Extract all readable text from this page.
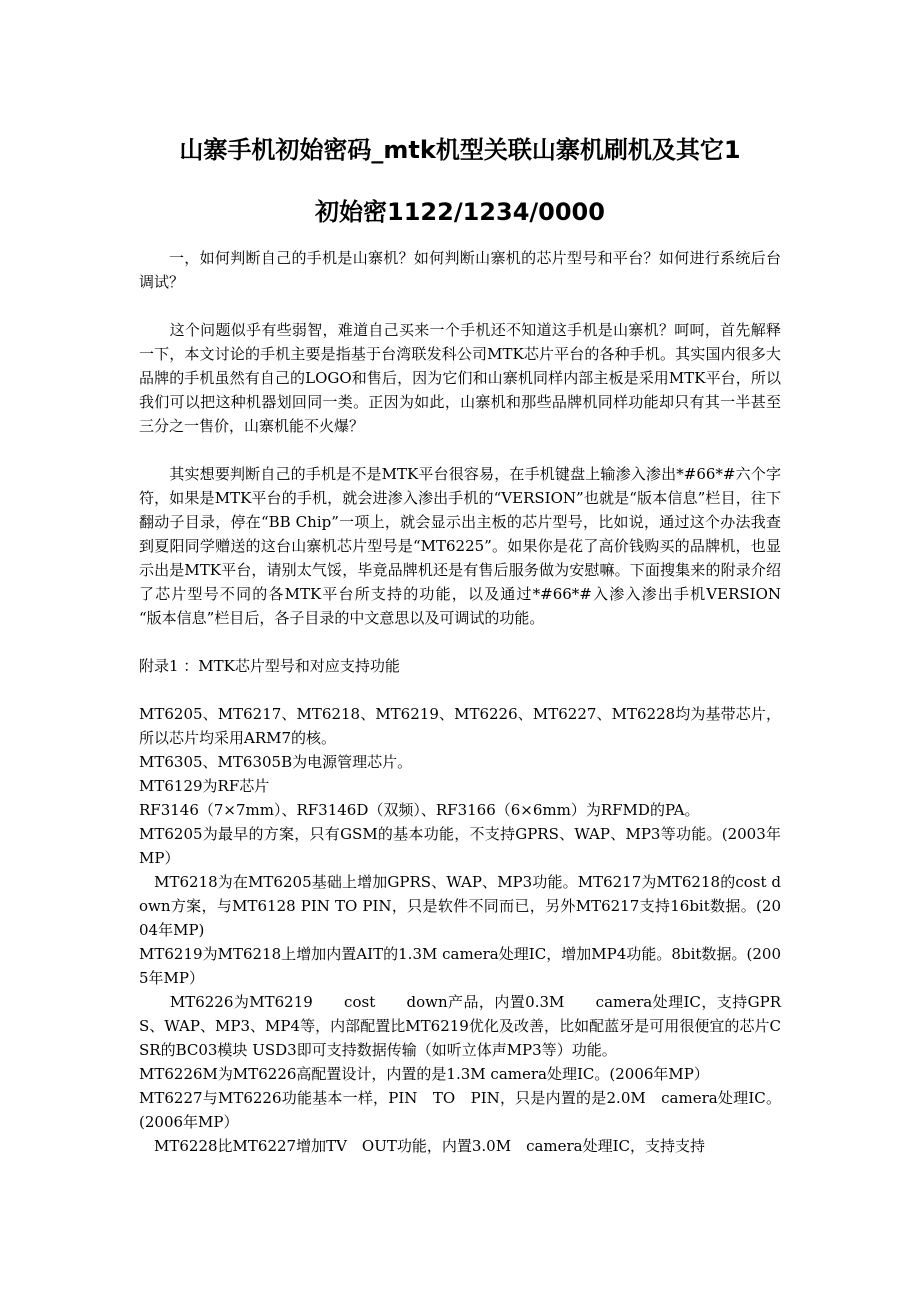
山寨手机初始密码_mtk机型关联山寨机刷机及其它1
初始密1122/1234/0000

一，如何判断自己的手机是山寨机？如何判断山寨机的芯片型号和平台？如何进行系统后台调试？

　　这个问题似乎有些弱智，难道自己买来一个手机还不知道这手机是山寨机？呵呵，首先解释一下，本文讨论的手机主要是指基于台湾联发科公司MTK芯片平台的各种手机。其实国内很多大品牌的手机虽然有自己的LOGO和售后，因为它们和山寨机同样内部主板是采用MTK平台，所以我们可以把这种机器划回同一类。正因为如此，山寨机和那些品牌机同样功能却只有其一半甚至三分之一售价，山寨机能不火爆？

　　其实想要判断自己的手机是不是MTK平台很容易，在手机键盘上输渗入渗出*#66*#六个字符，如果是MTK平台的手机，就会进渗入渗出手机的“VERSION”也就是“版本信息”栏目，往下翻动子目录，停在“BB Chip”一项上，就会显示出主板的芯片型号，比如说，通过这个办法我查到夏阳同学赠送的这台山寨机芯片型号是“MT6225”。如果你是花了高价钱购买的品牌机，也显示出是MTK平台，请别太气馁，毕竟品牌机还是有售后服务做为安慰嘛。下面搜集来的附录介绍了芯片型号不同的各MTK平台所支持的功能，以及通过*#66*#入渗入渗出手机VERSION　“版本信息”栏目后，各子目录的中文意思以及可调试的功能。

附录1 ：MTK芯片型号和对应支持功能

MT6205、MT6217、MT6218、MT6219、MT6226、MT6227、MT6228均为基带芯片，所以芯片均采用ARM7的核。

MT6305、MT6305B为电源管理芯片。

MT6129为RF芯片

RF3146（7×7mm）、RF3146D（双频）、RF3166（6×6mm）为RFMD的PA。

MT6205为最早的方案，只有GSM的基本功能，不支持GPRS、WAP、MP3等功能。(2003年MP）

　MT6218为在MT6205基础上增加GPRS、WAP、MP3功能。MT6217为MT6218的cost down方案，与MT6128 PIN TO PIN，只是软件不同而已，另外MT6217支持16bit数据。(2004年MP)

MT6219为MT6218上增加内置AIT的1.3M camera处理IC，增加MP4功能。8bit数据。(2005年MP）

　　MT6226为MT6219　　cost　　down产品，内置0.3M　　camera处理IC，支持GPRS、WAP、MP3、MP4等，内部配置比MT6219优化及改善，比如配蓝牙是可用很便宜的芯片CSR的BC03模块 USD3即可支持数据传输（如听立体声MP3等）功能。

MT6226M为MT6226高配置设计，内置的是1.3M camera处理IC。(2006年MP）

MT6227与MT6226功能基本一样，PIN　TO　PIN，只是内置的是2.0M　camera处理IC。(2006年MP）

　MT6228比MT6227增加TV　OUT功能，内置3.0M　camera处理IC，支持支持
